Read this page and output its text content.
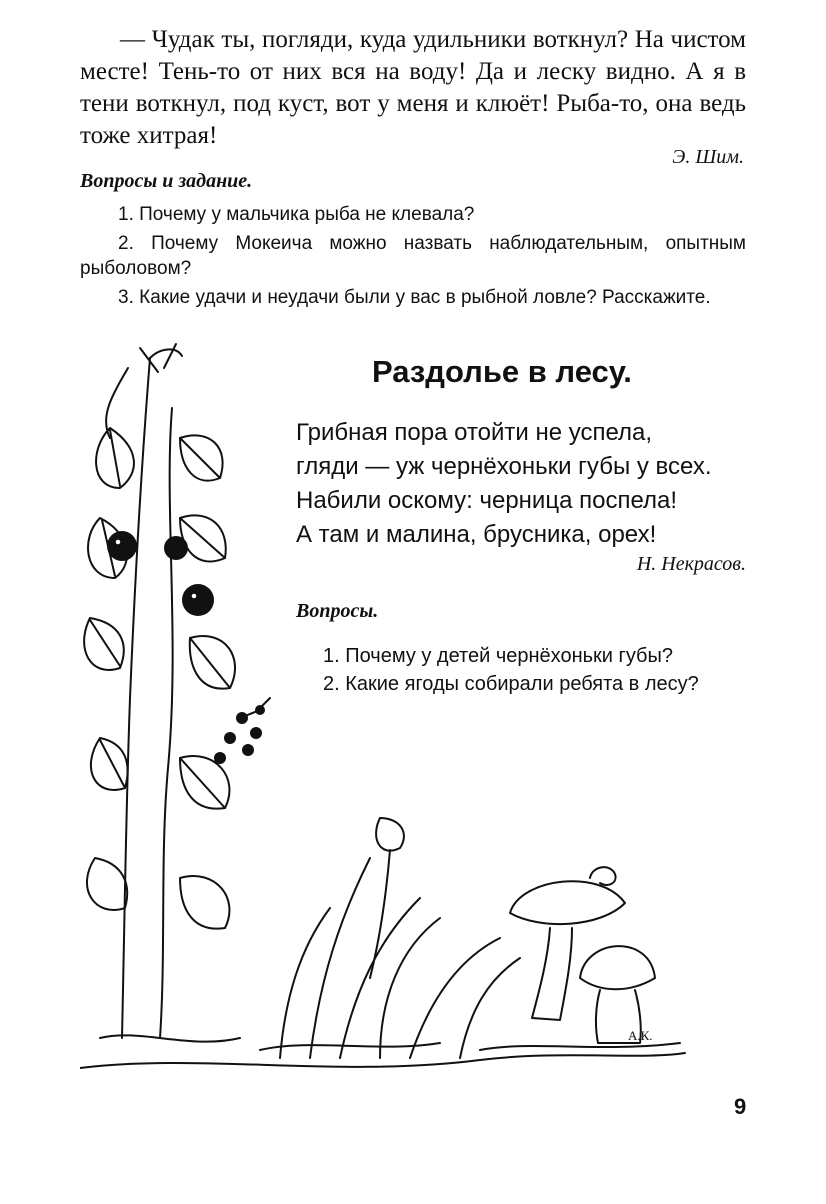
— Чудак ты, погляди, куда удильники воткнул? На чистом месте! Тень-то от них вся на воду! Да и леску видно. А я в тени воткнул, под куст, вот у меня и клюёт! Рыба-то, она ведь тоже хитрая!

Э. Шим.
Вопросы и задание.

1. Почему у мальчика рыба не клевала?

2. Почему Мокеича можно назвать наблюдательным, опытным рыболовом?

3. Какие удачи и неудачи были у вас в рыбной ловле? Расскажите.

Раздолье в лесу.
Грибная пора отойти не успела,
гляди — уж чернёхоньки губы у всех.
Набили оскому: черница поспела!
А там и малина, брусника, орех!
Н. Некрасов.
Вопросы.
1. Почему у детей чернёхоньки губы?
2. Какие ягоды собирали ребята в лесу?
А.К.
9
